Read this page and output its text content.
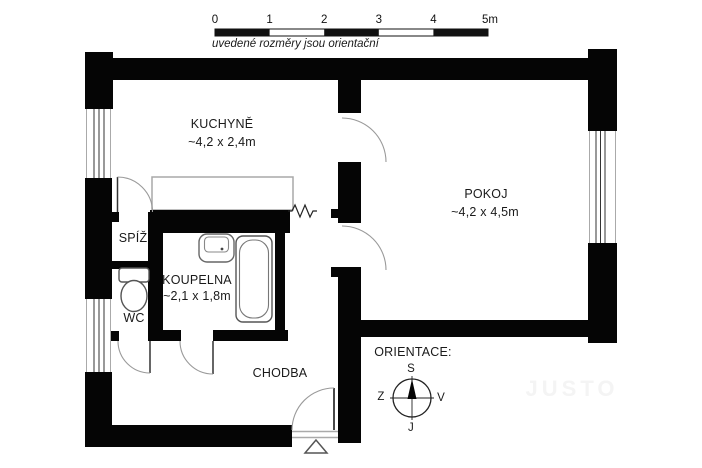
0	1	2	3	4	5m
uvedené rozměry jsou orientační
KUCHYNĚ
~4,2 x 2,4m
POKOJ
~4,2 x 4,5m
KOUPELNA
~2,1 x 1,8m
SPÍŽ
WC
CHODBA
ORIENTACE:
S
J
Z	V	JUSTO
